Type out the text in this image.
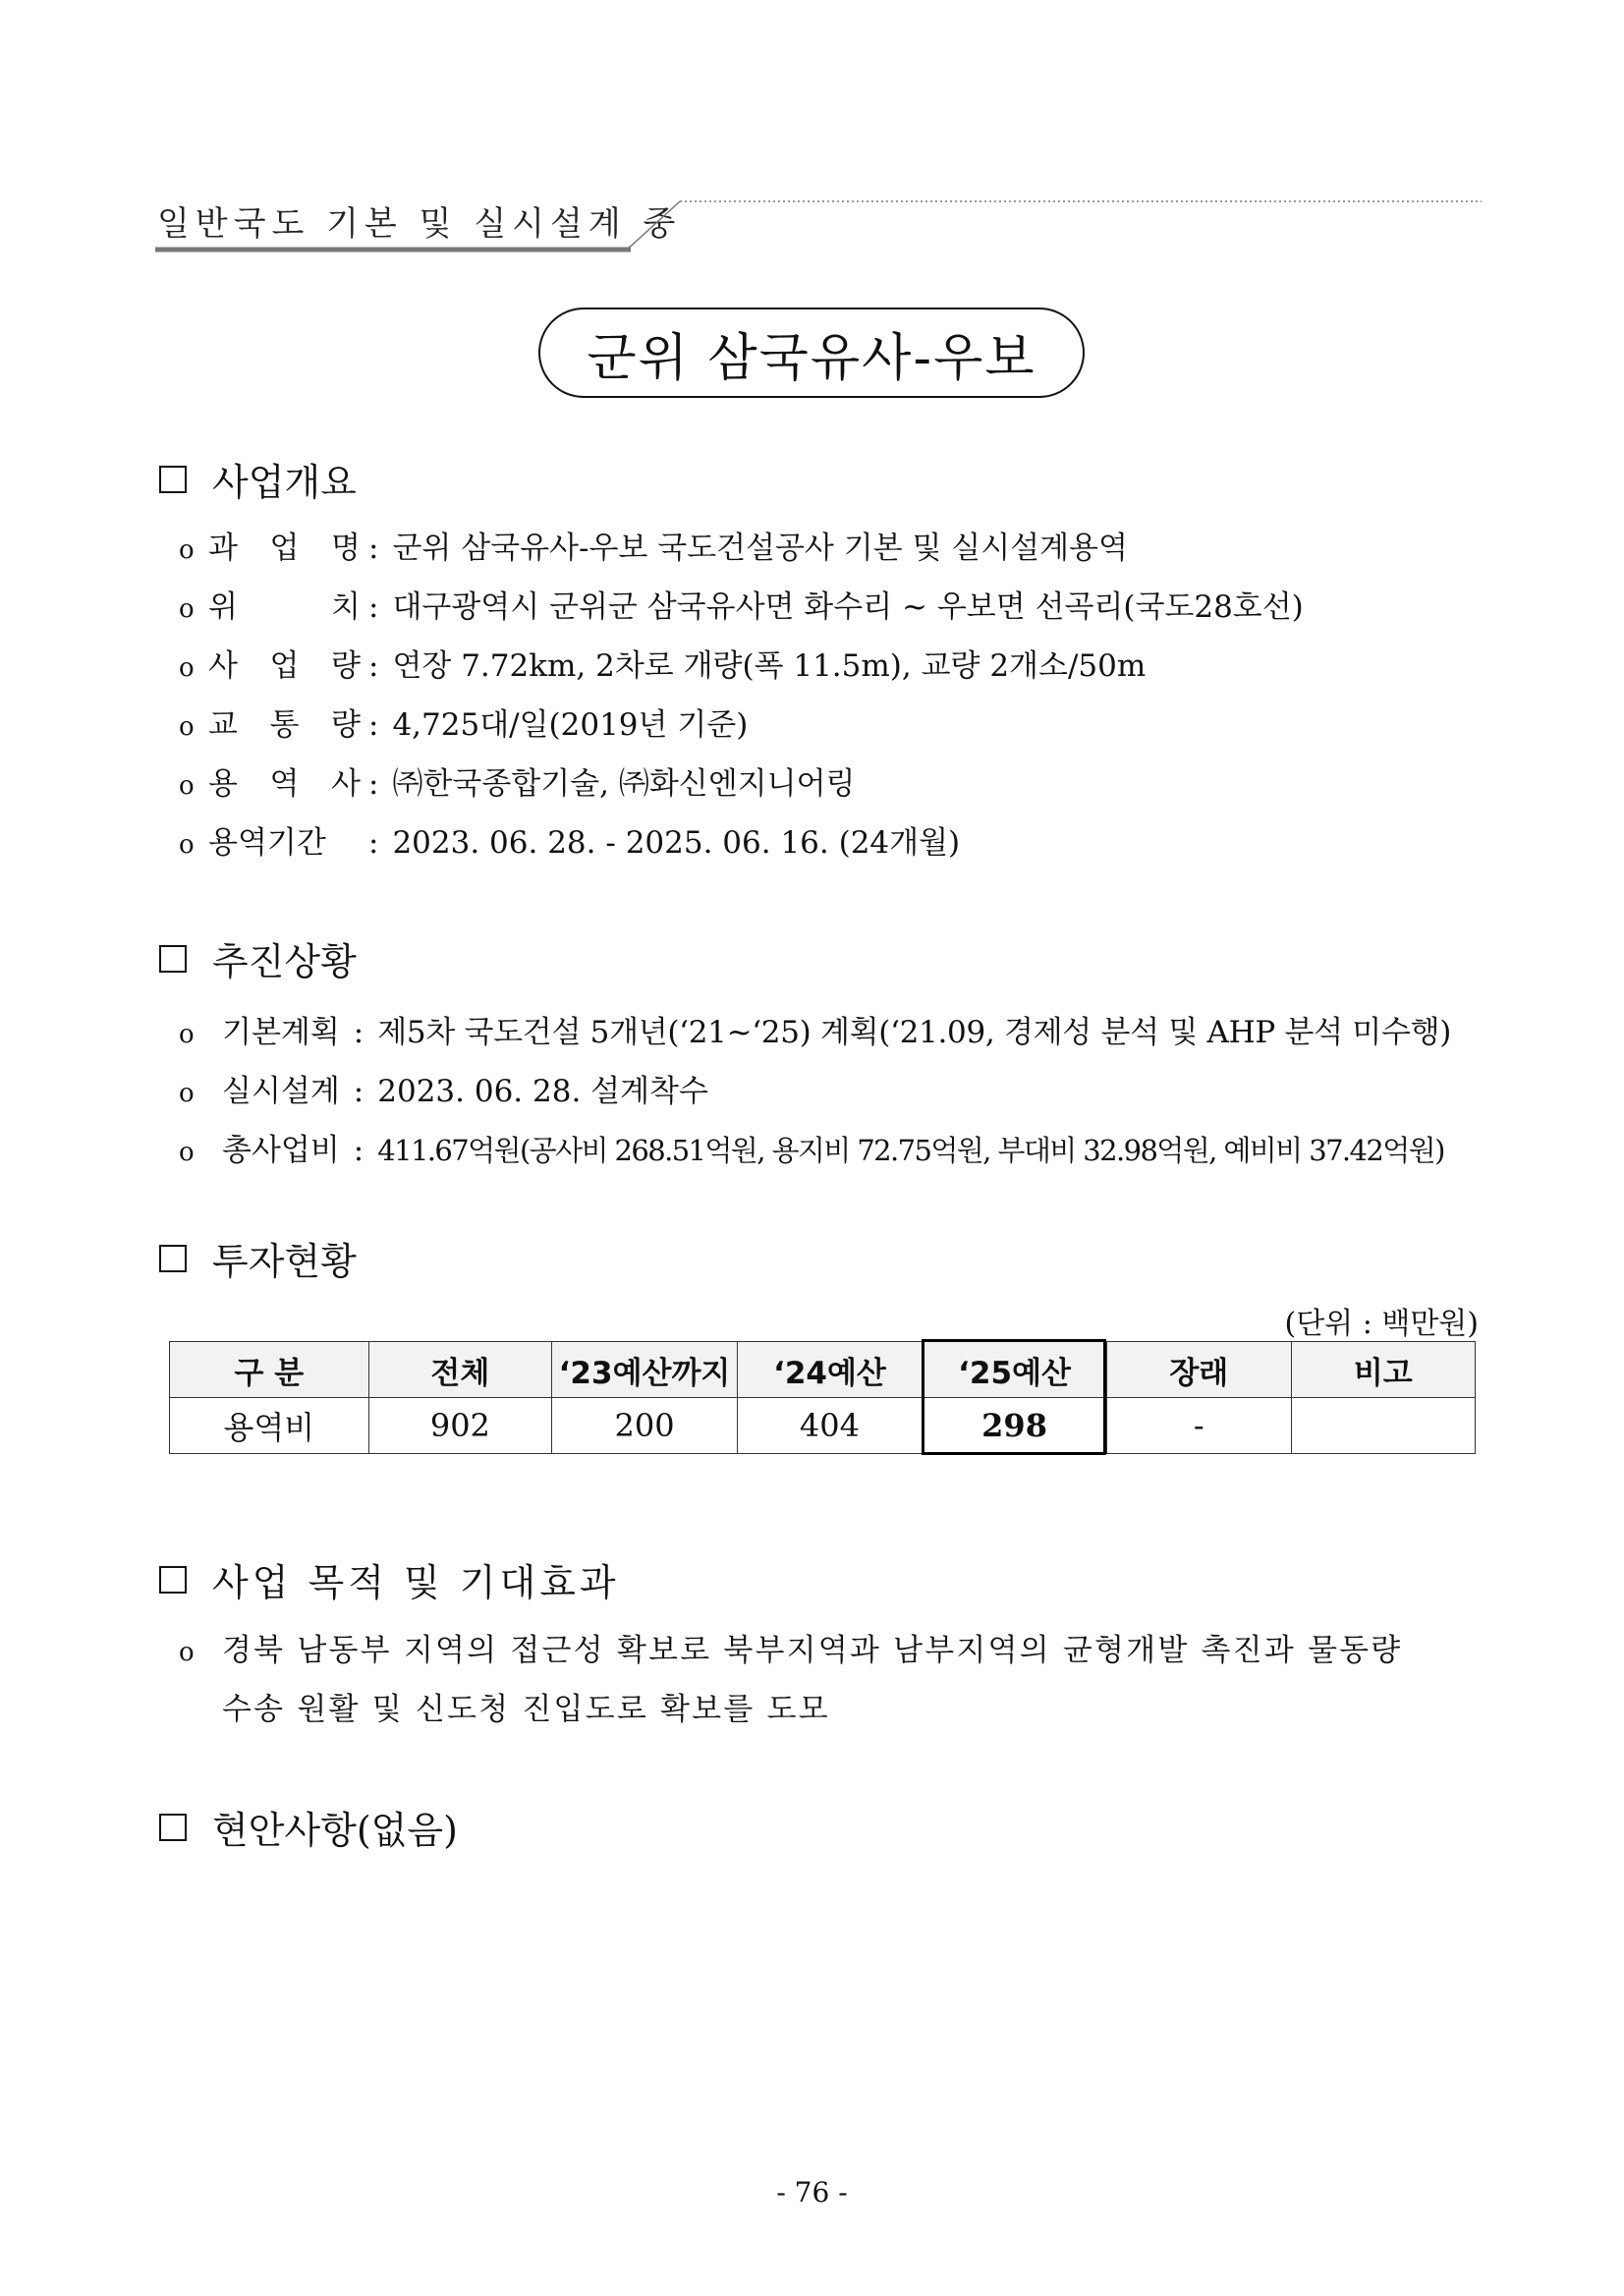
일반국도 기본 및 실시설계 중
군위 삼국유사-우보
사업개요
o 과 업 명 : 군위 삼국유사-우보 국도건설공사 기본 및 실시설계용역
o 위 치 : 대구광역시 군위군 삼국유사면 화수리 ~ 우보면 선곡리(국도28호선)
o 사 업 량 : 연장 7.72km, 2차로 개량(폭 11.5m), 교량 2개소/50m
o 교 통 량 : 4,725대/일(2019년 기준)
o 용 역 사 : ㈜한국종합기술, ㈜화신엔지니어링
o 용역기간	: 2023. 06. 28. - 2025. 06. 16. (24개월)
추진상황
o 기본계획 : 제5차 국도건설 5개년(‘21~‘25) 계획(‘21.09, 경제성 분석 및 AHP 분석 미수행)
o 실시설계 : 2023. 06. 28. 설계착수
o 총사업비 : 411.67억원(공사비 268.51억원, 용지비 72.75억원, 부대비 32.98억원, 예비비 37.42억원)
투자현황
(단위 : 백만원)
구 분	전체	‘23예산까지	‘24예산	‘25예산	장래	비고
용역비	902	200	404	298	-	
사업 목적 및 기대효과
o 경북 남동부 지역의 접근성 확보로 북부지역과 남부지역의 균형개발 촉진과 물동량
수송 원활 및 신도청 진입도로 확보를 도모
현안사항(없음)
- 76 -
